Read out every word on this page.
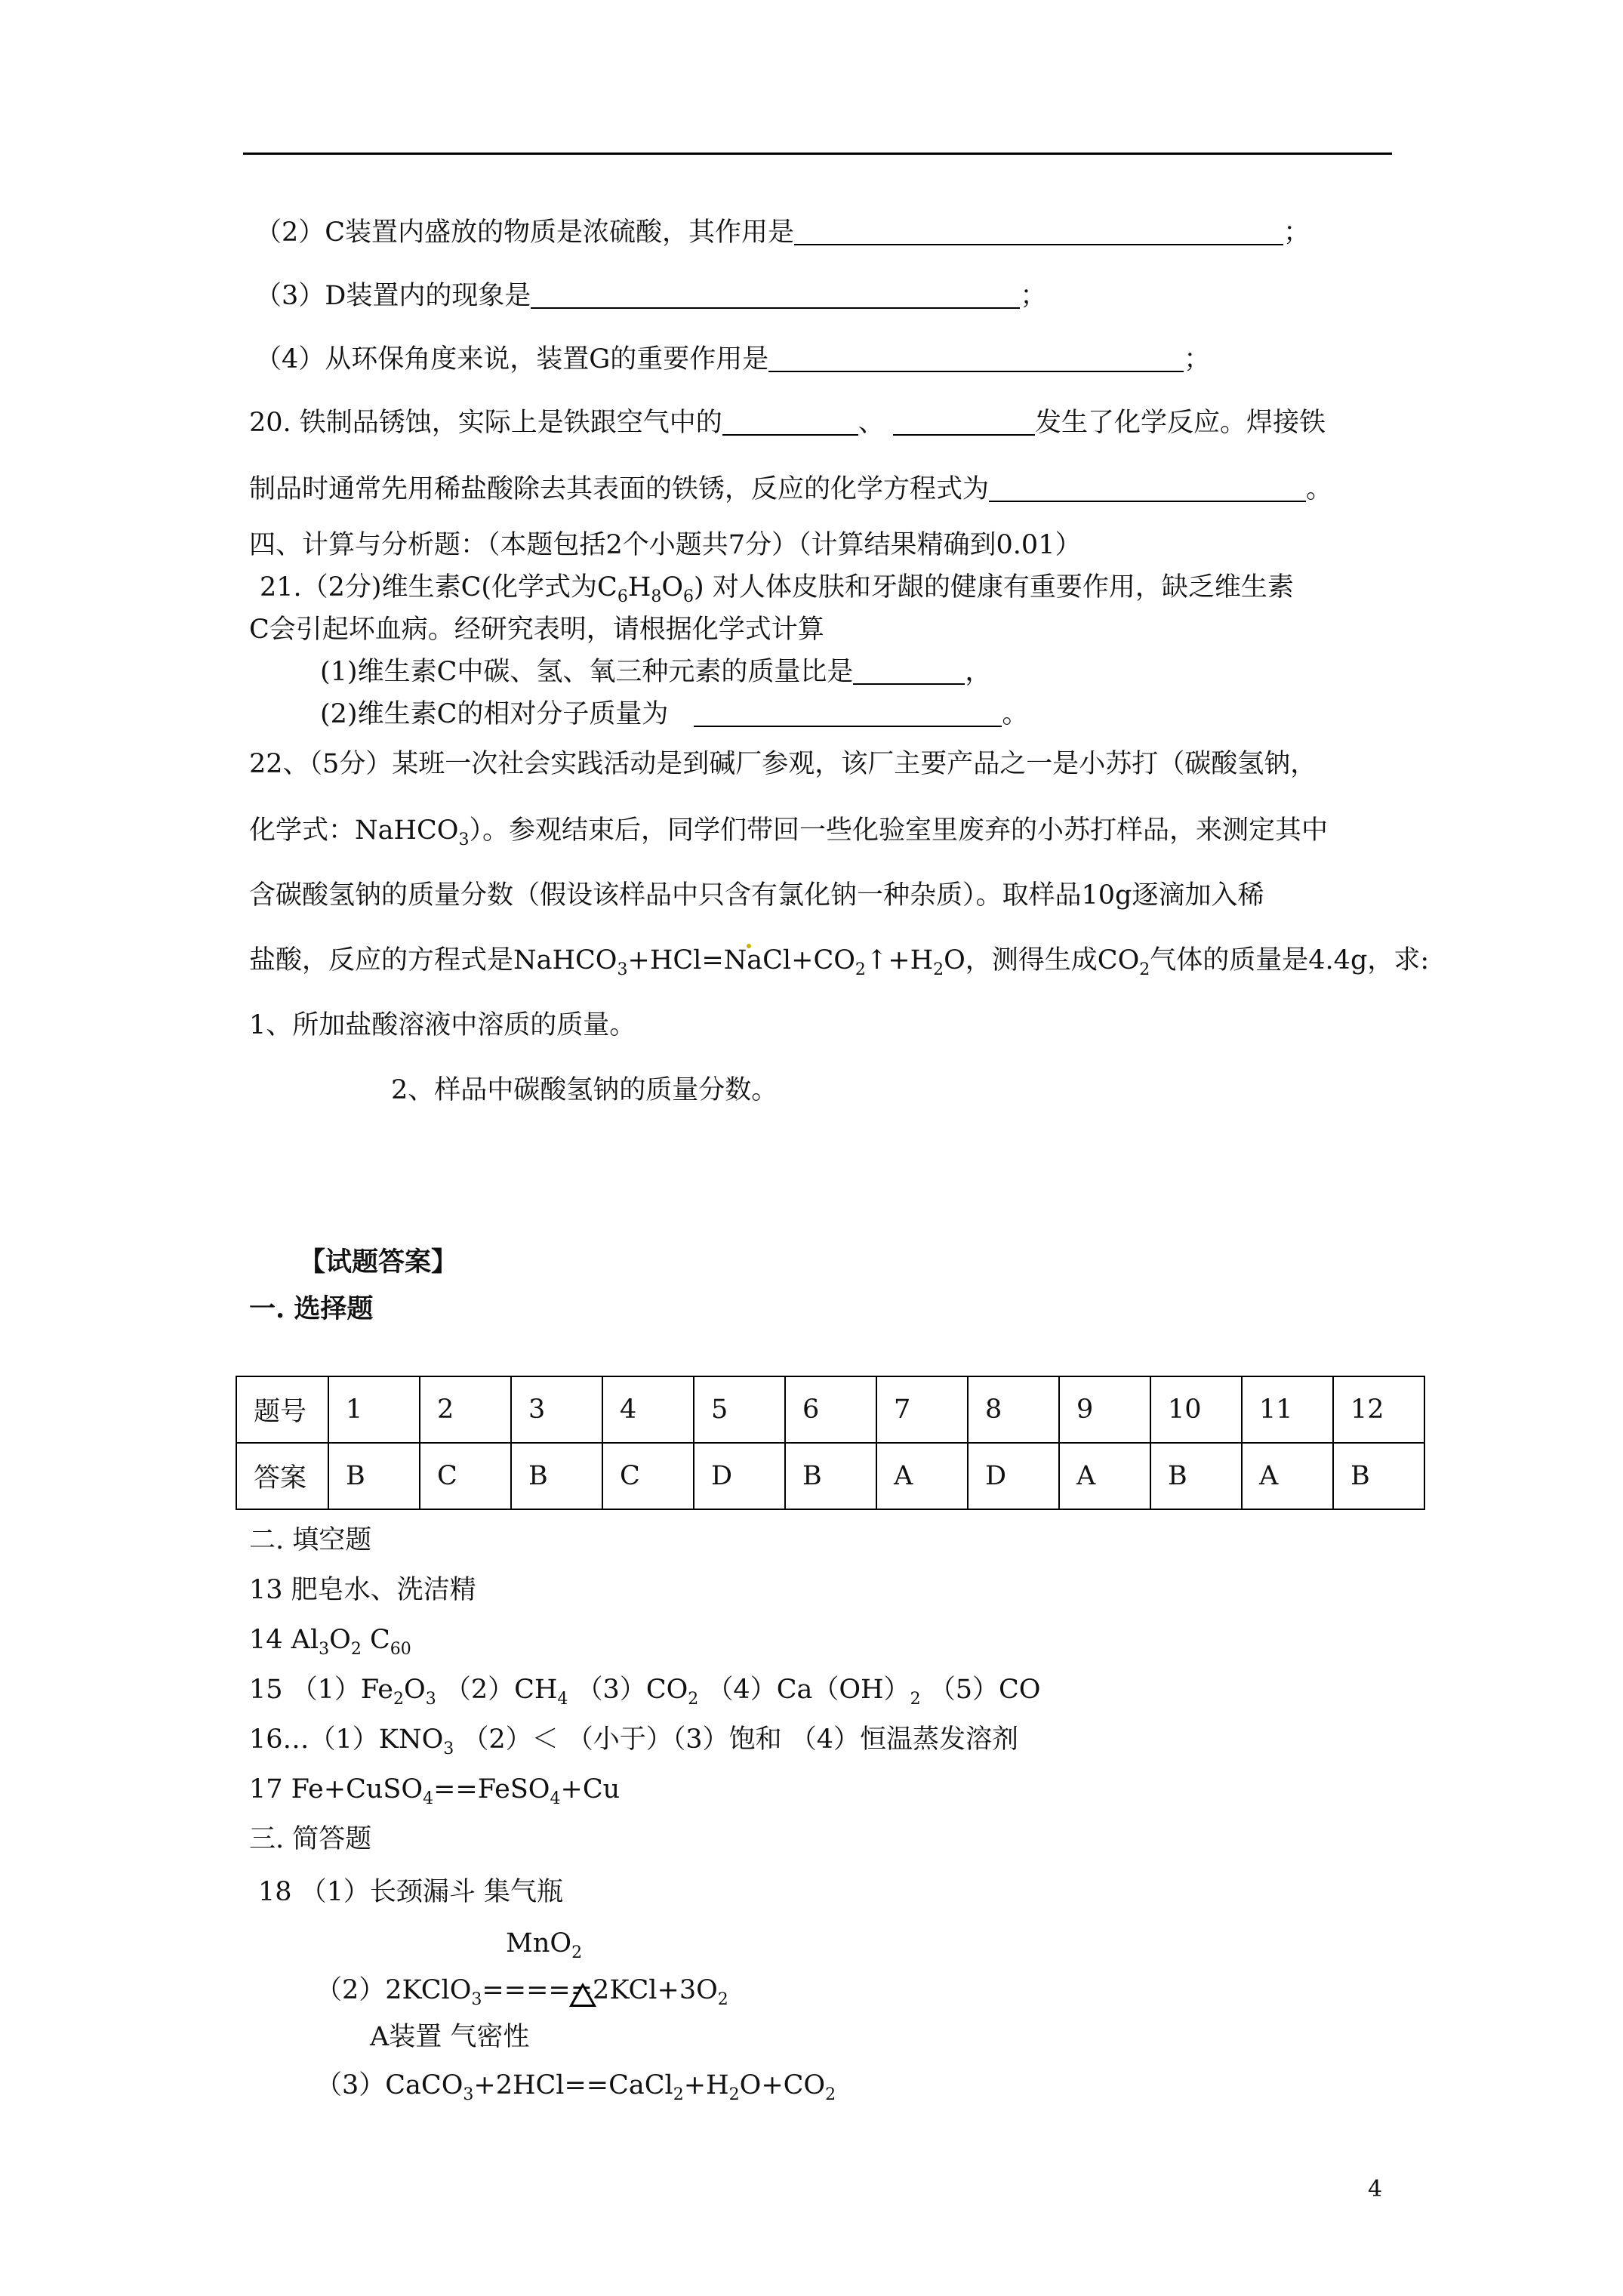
（2）C装置内盛放的物质是浓硫酸，其作用是	；
（3）D装置内的现象是	；
（4）从环保角度来说，装置G的重要作用是	；
20. 铁制品锈蚀，实际上是铁跟空气中的	、	发生了化学反应。焊接铁
制品时通常先用稀盐酸除去其表面的铁锈，反应的化学方程式为	。
四、计算与分析题：（本题包括2个小题共7分）（计算结果精确到0.01）
21.（2分)维生素C(化学式为$C_6H_8O_6$) 对人体皮肤和牙龈的健康有重要作用，缺乏维生素
C会引起坏血病。经研究表明，请根据化学式计算
(1)维生素C中碳、氢、氧三种元素的质量比是	，
(2)维生素C的相对分子质量为	。
22、（5分）某班一次社会实践活动是到碱厂参观，该厂主要产品之一是小苏打（碳酸氢钠，
化学式：NaHCO$_3$）。参观结束后，同学们带回一些化验室里废弃的小苏打样品，来测定其中
含碳酸氢钠的质量分数（假设该样品中只含有氯化钠一种杂质）。取样品10g逐滴加入稀
盐酸，反应的方程式是$NaHCO_3+HCl=NaCl+CO_2↑+H_2O$，测得生成$CO_2$气体的质量是4.4g，求:
1、所加盐酸溶液中溶质的质量。
2、样品中碳酸氢钠的质量分数。
【试题答案】
一. 选择题
题号	1	2	3	4	5	6	7	8	9	10	11	12
答案	B	C	B	C	D	B	A	D	A	B	A	B
二. 填空题
13 肥皂水、洗洁精
14 $Al_3O_2$ $C_{60}$
15 $(1)Fe_2O_3$ $(2)CH_4$ $(3)CO_2$ $(4)Ca(OH)_2$ （5）CO
$16\dots(1)KNO_3$ （2）＜ （小于）（3）饱和 （4）恒温蒸发溶剂
17 Fe+CuSO$_4$==FeSO$_4$+Cu
三. 简答题
18 （1）长颈漏斗 集气瓶
MnO$_2$
$(2)2KClO_3=====2KCl+3O_2$
A装置 气密性
$(3)CaCO_3+2HCl==CaCl_2+H_2O+CO_2$
4
